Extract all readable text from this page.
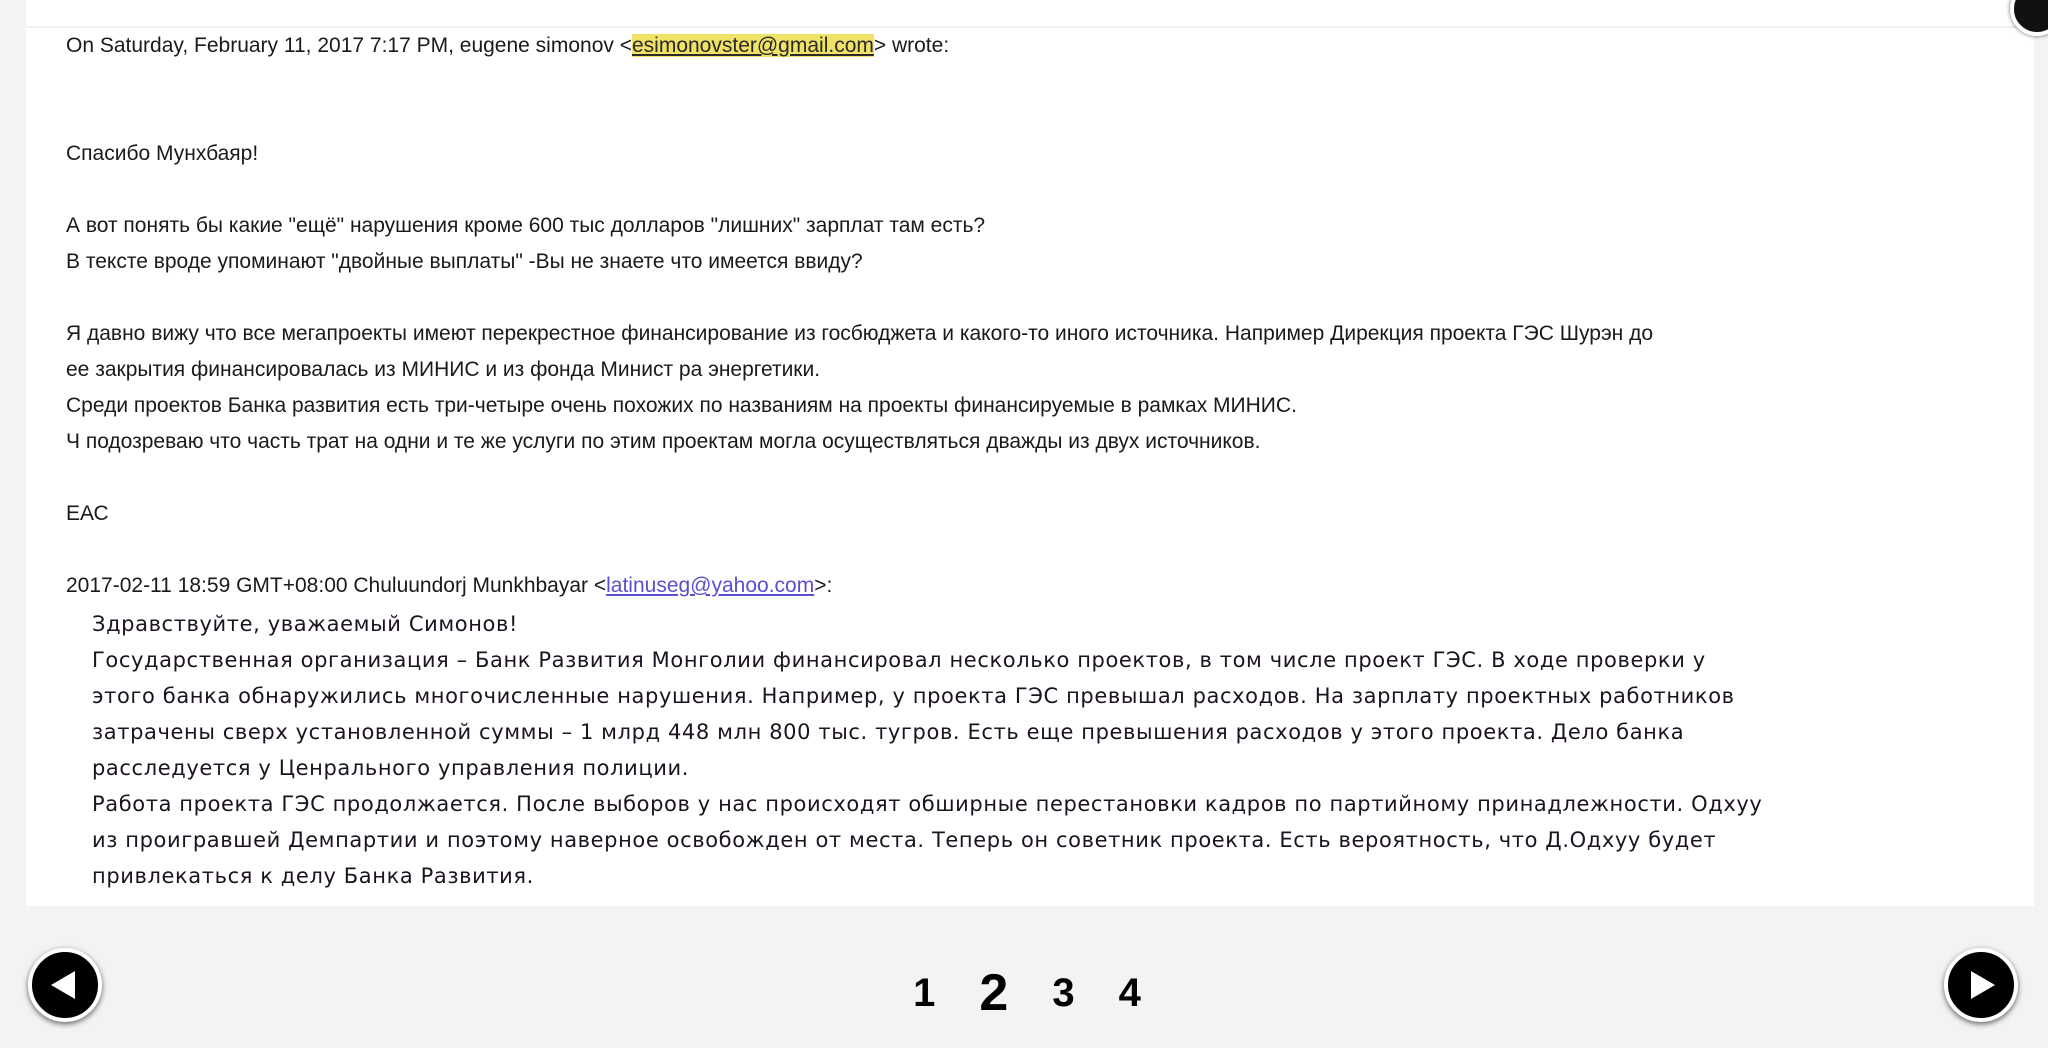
On Saturday, February 11, 2017 7:17 PM, eugene simonov <esimonovster@gmail.com> wrote:

Спасибо Мунхбаяр!

А вот понять бы какие "ещё" нарушения кроме 600 тыс долларов "лишних" зарплат там есть?

В тексте вроде упоминают "двойные выплаты" -Вы не знаете что имеется ввиду?

Я давно вижу что все мегапроекты имеют перекрестное финансирование из госбюджета и какого-то иного источника. Например Дирекция проекта ГЭС Шурэн до

ее закрытия финансировалась из МИНИС и из фонда Минист ра энергетики.

Среди проектов Банка развития есть три-четыре очень похожих по названиям на проекты финансируемые в рамках МИНИС.

Ч подозреваю что часть трат на одни и те же услуги по этим проектам могла осуществляться дважды из двух источников.

ЕАС

2017-02-11 18:59 GMT+08:00 Chuluundorj Munkhbayar <latinuseg@yahoo.com>:

Здравствуйте, уважаемый Симонов!

Государственная организация – Банк Развития Монголии финансировал несколько проектов, в том числе проект ГЭС. В ходе проверки у

этого банка обнаружились многочисленные нарушения. Например, у проекта ГЭС превышал расходов. На зарплату проектных работников

затрачены сверх установленной суммы – 1 млрд 448 млн 800 тыс. тугров. Есть еще превышения расходов у этого проекта. Дело банка

расследуется у Ценрального управления полиции.

Работа проекта ГЭС продолжается. После выборов у нас происходят обширные перестановки кадров по партийному принадлежности. Одхуу

из проигравшей Демпартии и поэтому наверное освобожден от места. Теперь он советник проекта. Есть вероятность, что Д.Одхуу будет

привлекаться к делу Банка Развития.

1 2 3 4
